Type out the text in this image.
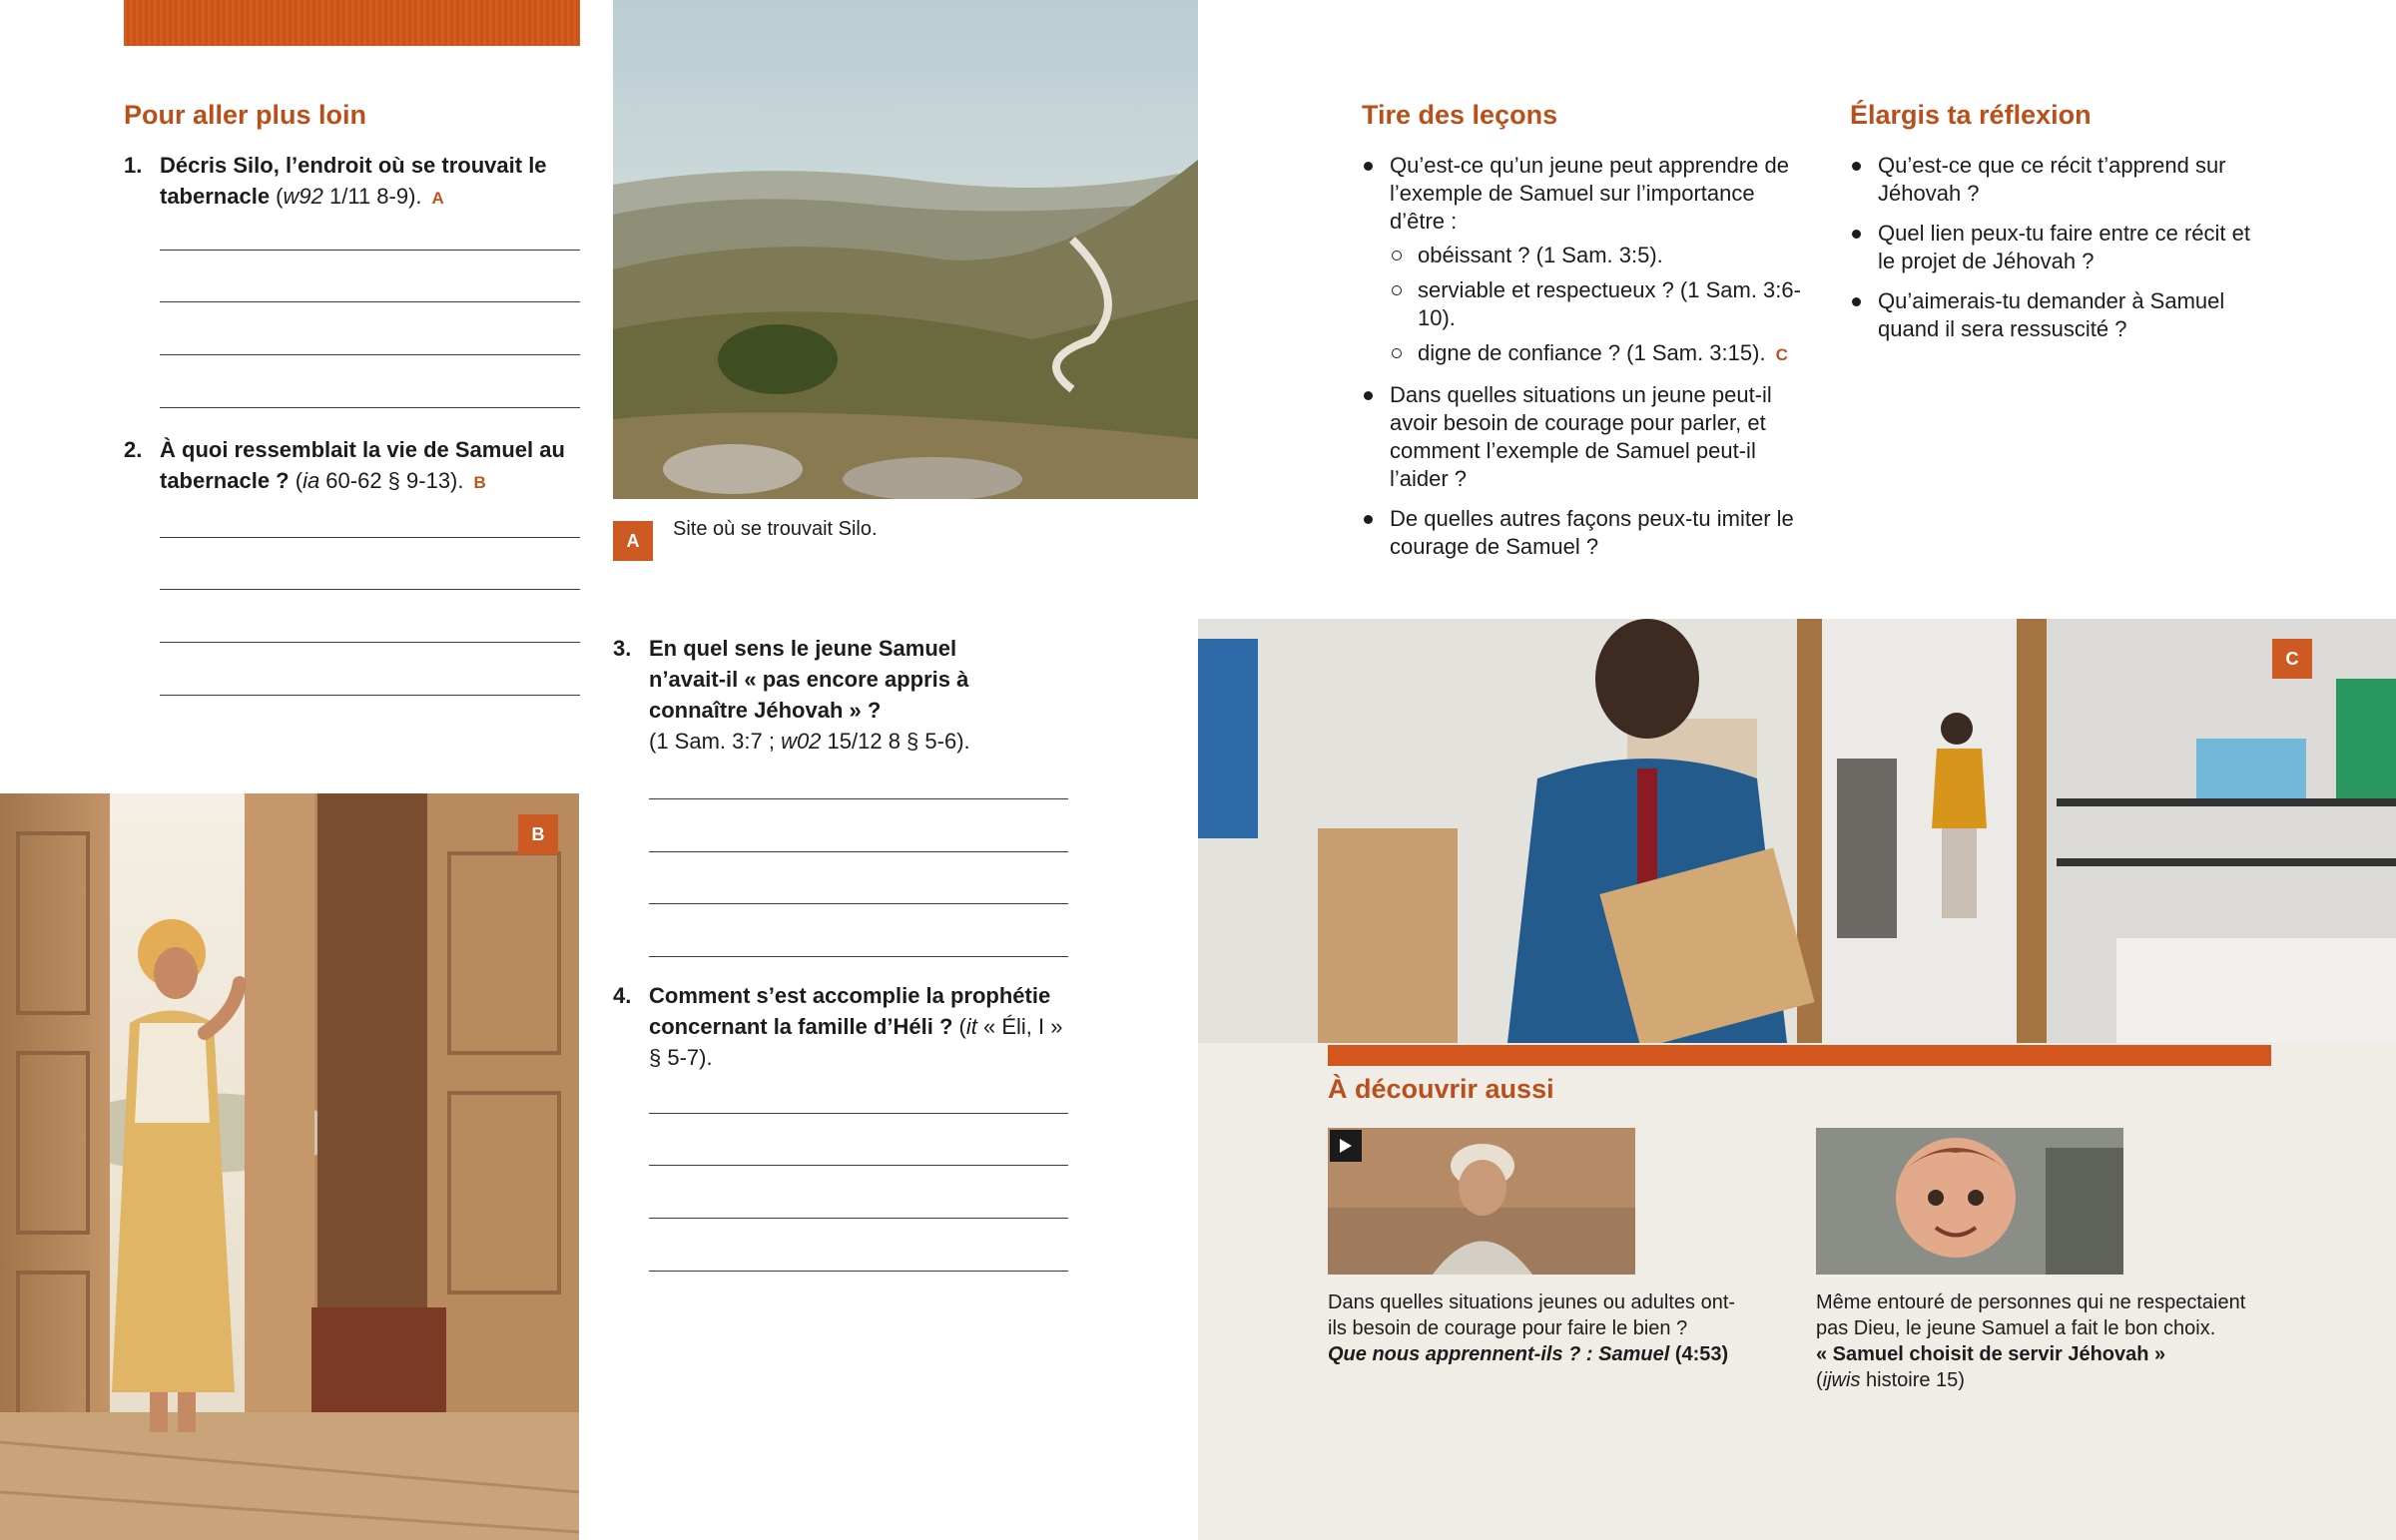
Pour aller plus loin
1. Décris Silo, l’endroit où se trouvait le tabernacle (w92 1/11 8-9). A
2. À quoi ressemblait la vie de Samuel au tabernacle ? (ia 60-62 § 9-13). B
B
A
Site où se trouvait Silo.
3. En quel sens le jeune Samuel n’avait-il « pas encore appris à connaître Jéhovah » ?
(1 Sam. 3:7 ; w02 15/12 8 § 5-6).
4. Comment s’est accomplie la prophétie concernant la famille d’Héli ? (it « Éli, I » § 5-7).
Tire des leçons
Qu’est-ce qu’un jeune peut apprendre de l’exemple de Samuel sur l’importance d’être :
obéissant ? (1 Sam. 3:5).
serviable et respectueux ? (1 Sam. 3:6-10).
digne de confiance ? (1 Sam. 3:15). C
Dans quelles situations un jeune peut-il avoir besoin de courage pour parler, et comment l’exemple de Samuel peut-il l’aider ?
De quelles autres façons peux-tu imiter le courage de Samuel ?
Élargis ta réflexion
Qu’est-ce que ce récit t’apprend sur Jéhovah ?
Quel lien peux-tu faire entre ce récit et le projet de Jéhovah ?
Qu’aimerais-tu demander à Samuel quand il sera ressuscité ?
C
À découvrir aussi
Dans quelles situations jeunes ou adultes ont-ils besoin de courage pour faire le bien ?
Que nous apprennent-ils ? : Samuel (4:53)
Même entouré de personnes qui ne respectaient pas Dieu, le jeune Samuel a fait le bon choix.
« Samuel choisit de servir Jéhovah »
(ijwis histoire 15)
